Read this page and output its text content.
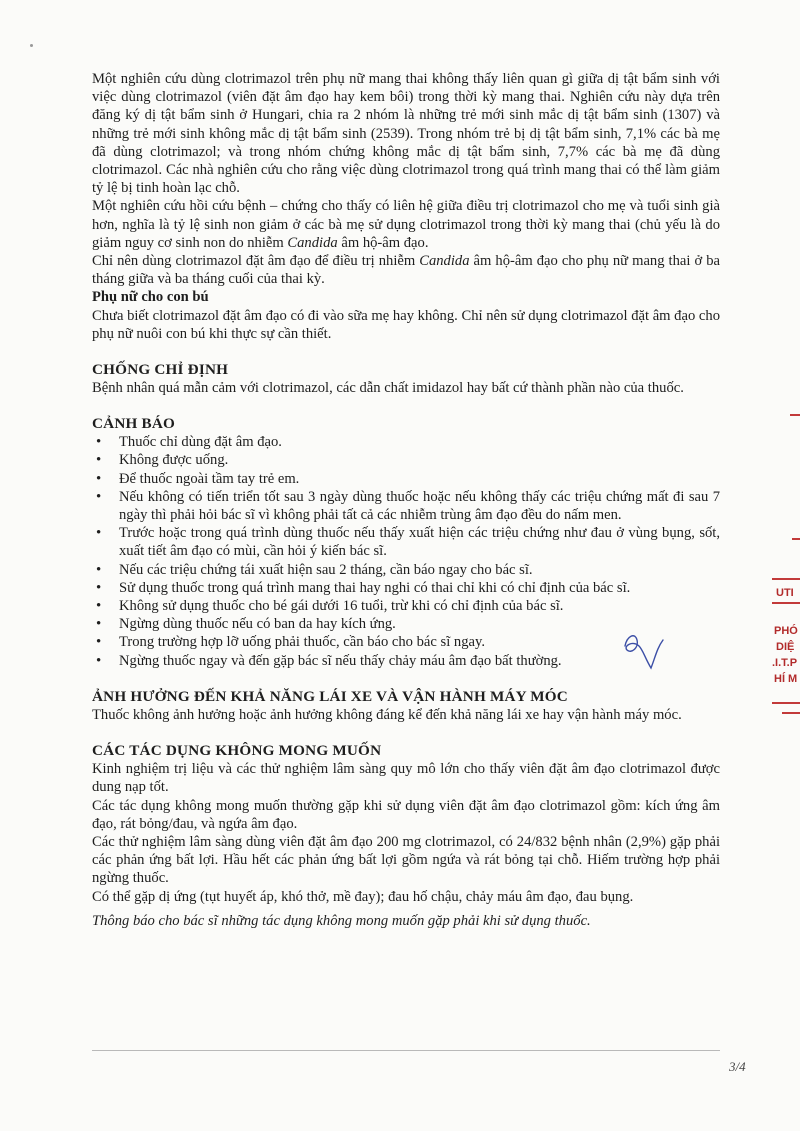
Một nghiên cứu dùng clotrimazol trên phụ nữ mang thai không thấy liên quan gì giữa dị tật bẩm sinh với việc dùng clotrimazol (viên đặt âm đạo hay kem bôi) trong thời kỳ mang thai. Nghiên cứu này dựa trên đăng ký dị tật bẩm sinh ở Hungari, chia ra 2 nhóm là những trẻ mới sinh mắc dị tật bẩm sinh (1307) và những trẻ mới sinh không mắc dị tật bẩm sinh (2539). Trong nhóm trẻ bị dị tật bẩm sinh, 7,1% các bà mẹ đã dùng clotrimazol; và trong nhóm chứng không mắc dị tật bẩm sinh, 7,7% các bà mẹ đã dùng clotrimazol. Các nhà nghiên cứu cho rằng việc dùng clotrimazol trong quá trình mang thai có thể làm giảm tỷ lệ bị tinh hoàn lạc chỗ.

Một nghiên cứu hồi cứu bệnh – chứng cho thấy có liên hệ giữa điều trị clotrimazol cho mẹ và tuổi sinh già hơn, nghĩa là tỷ lệ sinh non giảm ở các bà mẹ sử dụng clotrimazol trong thời kỳ mang thai (chủ yếu là do giảm nguy cơ sinh non do nhiễm Candida âm hộ-âm đạo.

Chỉ nên dùng clotrimazol đặt âm đạo để điều trị nhiễm Candida âm hộ-âm đạo cho phụ nữ mang thai ở ba tháng giữa và ba tháng cuối của thai kỳ.

Phụ nữ cho con bú

Chưa biết clotrimazol đặt âm đạo có đi vào sữa mẹ hay không. Chỉ nên sử dụng clotrimazol đặt âm đạo cho phụ nữ nuôi con bú khi thực sự cần thiết.

CHỐNG CHỈ ĐỊNH

Bệnh nhân quá mẫn cảm với clotrimazol, các dẫn chất imidazol hay bất cứ thành phần nào của thuốc.

CẢNH BÁO
• Thuốc chỉ dùng đặt âm đạo.
• Không được uống.
• Để thuốc ngoài tầm tay trẻ em.
• Nếu không có tiến triển tốt sau 3 ngày dùng thuốc hoặc nếu không thấy các triệu chứng mất đi sau 7 ngày thì phải hỏi bác sĩ vì không phải tất cả các nhiễm trùng âm đạo đều do nấm men.
• Trước hoặc trong quá trình dùng thuốc nếu thấy xuất hiện các triệu chứng như đau ở vùng bụng, sốt, xuất tiết âm đạo có mùi, cần hỏi ý kiến bác sĩ.
• Nếu các triệu chứng tái xuất hiện sau 2 tháng, cần báo ngay cho bác sĩ.
• Sử dụng thuốc trong quá trình mang thai hay nghi có thai chỉ khi có chỉ định của bác sĩ.
• Không sử dụng thuốc cho bé gái dưới 16 tuổi, trừ khi có chỉ định của bác sĩ.
• Ngừng dùng thuốc nếu có ban da hay kích ứng.
• Trong trường hợp lỡ uống phải thuốc, cần báo cho bác sĩ ngay.
• Ngừng thuốc ngay và đến gặp bác sĩ nếu thấy chảy máu âm đạo bất thường.
ẢNH HƯỞNG ĐẾN KHẢ NĂNG LÁI XE VÀ VẬN HÀNH MÁY MÓC

Thuốc không ảnh hưởng hoặc ảnh hưởng không đáng kể đến khả năng lái xe hay vận hành máy móc.

CÁC TÁC DỤNG KHÔNG MONG MUỐN

Kinh nghiệm trị liệu và các thử nghiệm lâm sàng quy mô lớn cho thấy viên đặt âm đạo clotrimazol được dung nạp tốt.

Các tác dụng không mong muốn thường gặp khi sử dụng viên đặt âm đạo clotrimazol gồm: kích ứng âm đạo, rát bỏng/đau, và ngứa âm đạo.

Các thử nghiệm lâm sàng dùng viên đặt âm đạo 200 mg clotrimazol, có 24/832 bệnh nhân (2,9%) gặp phải các phản ứng bất lợi. Hầu hết các phản ứng bất lợi gồm ngứa và rát bỏng tại chỗ. Hiếm trường hợp phải ngừng thuốc.

Có thể gặp dị ứng (tụt huyết áp, khó thở, mề đay); đau hố chậu, chảy máu âm đạo, đau bụng.

Thông báo cho bác sĩ những tác dụng không mong muốn gặp phải khi sử dụng thuốc.

UTI
PHÓ
DIỆ
.I.T.P
HÍ M
3/4
